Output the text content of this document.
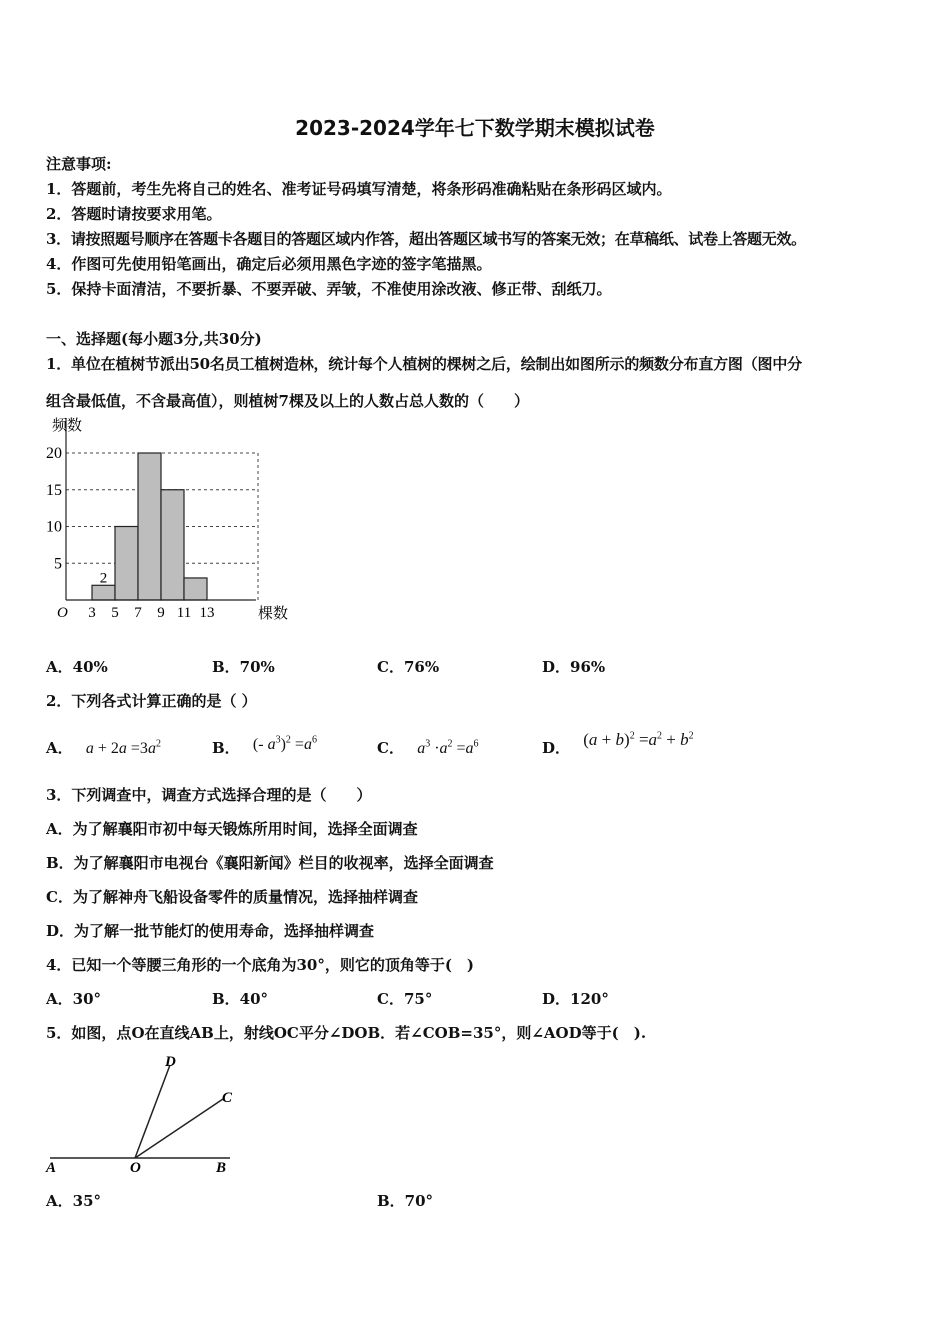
2023-2024学年七下数学期末模拟试卷
注意事项:
1．答题前，考生先将自己的姓名、准考证号码填写清楚，将条形码准确粘贴在条形码区域内。
2．答题时请按要求用笔。
3．请按照题号顺序在答题卡各题目的答题区域内作答，超出答题区域书写的答案无效；在草稿纸、试卷上答题无效。
4．作图可先使用铅笔画出，确定后必须用黑色字迹的签字笔描黑。
5．保持卡面清洁，不要折暴、不要弄破、弄皱，不准使用涂改液、修正带、刮纸刀。
一、选择题(每小题3分,共30分)
1．单位在植树节派出50名员工植树造林，统计每个人植树的棵树之后，绘制出如图所示的频数分布直方图（图中分
组含最低值，不含最高值），则植树7棵及以上的人数占总人数的（　　）
频数
棵数
O
5
10
15
20
3 5 7 9 11 13
2
A．40%	B．70%	C．76%	D．96%
2．下列各式计算正确的是（ ）
A． $a + 2a =3a^2$	B． (- $a^3)^2 =a^6$	C． $a^3 \cdot a^2 =a^6$	D． $(a + b)^2 =a^2 + b^2$
3．下列调查中，调查方式选择合理的是（　　）
A．为了解襄阳市初中每天锻炼所用时间，选择全面调查
B．为了解襄阳市电视台《襄阳新闻》栏目的收视率，选择全面调查
C．为了解神舟飞船设备零件的质量情况，选择抽样调查
D．为了解一批节能灯的使用寿命，选择抽样调查
4．已知一个等腰三角形的一个底角为30°，则它的顶角等于(　)
A．30°	B．40°	C．75°	D．120°
5．如图，点O在直线AB上，射线OC平分∠DOB．若∠COB=35°，则∠AOD等于(　).
D
C
A	O	B
A．35°	B．70°
